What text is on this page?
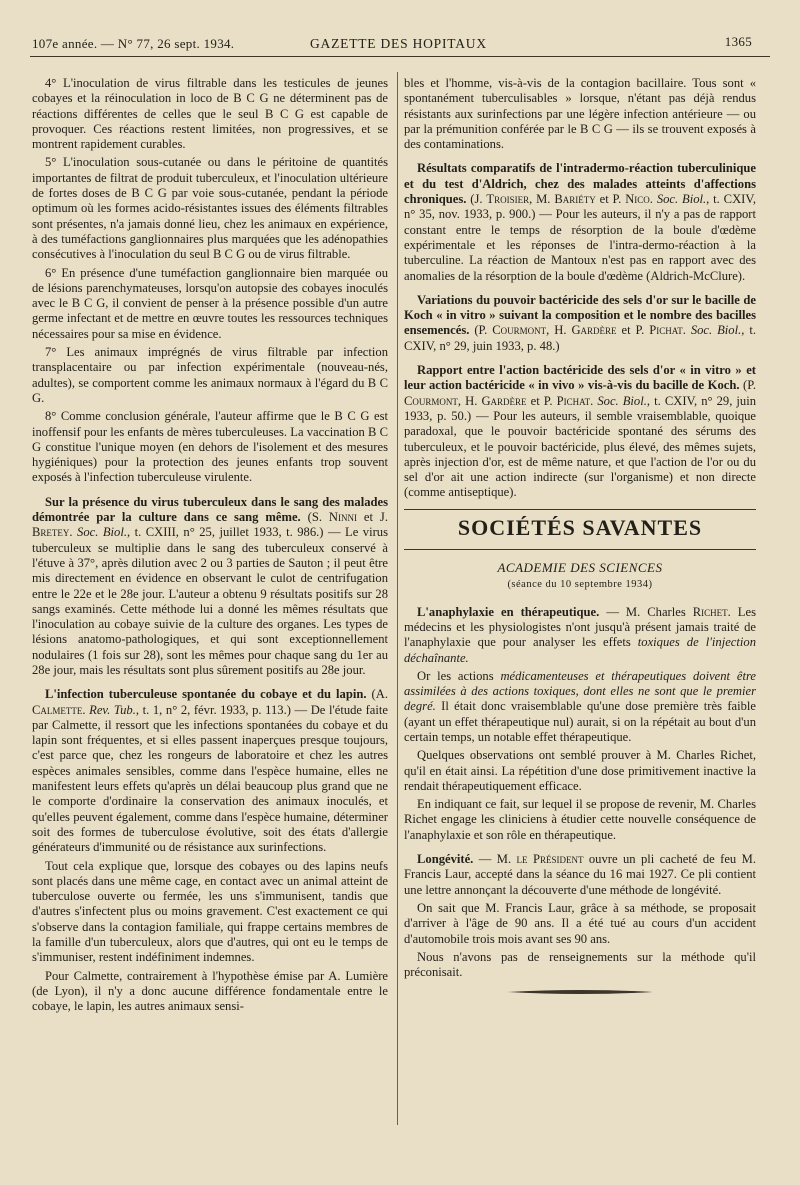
107e année. — N° 77, 26 sept. 1934.	GAZETTE DES HOPITAUX	1365

4° L'inoculation de virus filtrable dans les testicules de jeunes cobayes et la réinoculation in loco de B C G ne déterminent pas de réactions différentes de celles que le seul B C G est capable de provoquer. Ces réactions restent limitées, non progressives, et se montrent rapidement curables.

5° L'inoculation sous-cutanée ou dans le péritoine de quantités importantes de filtrat de produit tuberculeux, et l'inoculation ultérieure de fortes doses de B C G par voie sous-cutanée, pendant la période optimum où les formes acido-résistantes issues des éléments filtrables sont présentes, n'a jamais donné lieu, chez les animaux en expérience, à des tuméfactions ganglionnaires plus marquées que les adénopathies consécutives à l'inoculation du seul B C G ou de virus filtrable.

6° En présence d'une tuméfaction ganglionnaire bien marquée ou de lésions parenchymateuses, lorsqu'on autopsie des cobayes inoculés avec le B C G, il convient de penser à la présence possible d'un autre germe infectant et de mettre en œuvre toutes les ressources techniques nécessaires pour sa mise en évidence.

7° Les animaux imprégnés de virus filtrable par infection transplacentaire ou par infection expérimentale (nouveau-nés, adultes), se comportent comme les animaux normaux à l'égard du B C G.

8° Comme conclusion générale, l'auteur affirme que le B C G est inoffensif pour les enfants de mères tuberculeuses. La vaccination B C G constitue l'unique moyen (en dehors de l'isolement et des mesures hygiéniques) pour la protection des jeunes enfants trop souvent exposés à l'infection tuberculeuse virulente.

Sur la présence du virus tuberculeux dans le sang des malades démontrée par la culture dans ce sang même. (S. Ninni et J. Bretey. Soc. Biol., t. CXIII, n° 25, juillet 1933, t. 986.) — Le virus tuberculeux se multiplie dans le sang des tuberculeux conservé à l'étuve à 37°, après dilution avec 2 ou 3 parties de Sauton ; il peut être mis directement en évidence en observant le culot de centrifugation entre le 22e et le 28e jour. L'auteur a obtenu 9 résultats positifs sur 28 sangs examinés. Cette méthode lui a donné les mêmes résultats que l'inoculation au cobaye suivie de la culture des organes. Les types de lésions anatomo-pathologiques, et qui sont exceptionnellement nodulaires (1 fois sur 28), sont les mêmes pour chaque sang du 1er au 28e jour, mais les résultats sont plus sûrement positifs au 28e jour.

L'infection tuberculeuse spontanée du cobaye et du lapin. (A. Calmette. Rev. Tub., t. 1, n° 2, févr. 1933, p. 113.) — De l'étude faite par Calmette, il ressort que les infections spontanées du cobaye et du lapin sont fréquentes, et si elles passent inaperçues presque toujours, c'est parce que, chez les rongeurs de laboratoire et chez les autres espèces animales sensibles, comme dans l'espèce humaine, elles ne manifestent leurs effets qu'après un délai beaucoup plus grand que ne le comporte d'ordinaire la conservation des animaux inoculés, et qu'elles peuvent également, comme dans l'espèce humaine, déterminer soit des formes de tuberculose évolutive, soit des états d'allergie générateurs d'immunité ou de résistance aux surinfections.

Tout cela explique que, lorsque des cobayes ou des lapins neufs sont placés dans une même cage, en contact avec un animal atteint de tuberculose ouverte ou fermée, les uns s'immunisent, tandis que d'autres s'infectent plus ou moins gravement. C'est exactement ce qui s'observe dans la contagion familiale, qui frappe certains membres de la famille d'un tuberculeux, alors que d'autres, qui ont eu le temps de s'immuniser, restent indéfiniment indemnes.

Pour Calmette, contrairement à l'hypothèse émise par A. Lumière (de Lyon), il n'y a donc aucune différence fondamentale entre le cobaye, le lapin, les autres animaux sensi-

bles et l'homme, vis-à-vis de la contagion bacillaire. Tous sont « spontanément tuberculisables » lorsque, n'étant pas déjà rendus résistants aux surinfections par une légère infection antérieure — ou par la prémunition conférée par le B C G — ils se trouvent exposés à des contaminations.

Résultats comparatifs de l'intradermo-réaction tuberculinique et du test d'Aldrich, chez des malades atteints d'affections chroniques. (J. Troisier, M. Bariéty et P. Nico. Soc. Biol., t. CXIV, n° 35, nov. 1933, p. 900.) — Pour les auteurs, il n'y a pas de rapport constant entre le temps de résorption de la boule d'œdème expérimentale et les réponses de l'intra-dermo-réaction à la tuberculine. La réaction de Mantoux n'est pas en rapport avec des anomalies de la résorption de la boule d'œdème (Aldrich-McClure).

Variations du pouvoir bactéricide des sels d'or sur le bacille de Koch « in vitro » suivant la composition et le nombre des bacilles ensemencés. (P. Courmont, H. Gardère et P. Pichat. Soc. Biol., t. CXIV, n° 29, juin 1933, p. 48.)

Rapport entre l'action bactéricide des sels d'or « in vitro » et leur action bactéricide « in vivo » vis-à-vis du bacille de Koch. (P. Courmont, H. Gardère et P. Pichat. Soc. Biol., t. CXIV, n° 29, juin 1933, p. 50.) — Pour les auteurs, il semble vraisemblable, quoique paradoxal, que le pouvoir bactéricide spontané des sérums des tuberculeux, et le pouvoir bactéricide, plus élevé, des mêmes sujets, après injection d'or, est de même nature, et que l'action de l'or ou du sel d'or ait une action indirecte (sur l'organisme) et non directe (comme antiseptique).

SOCIÉTÉS SAVANTES
ACADEMIE DES SCIENCES
(séance du 10 septembre 1934)

L'anaphylaxie en thérapeutique. — M. Charles Richet. Les médecins et les physiologistes n'ont jusqu'à présent jamais traité de l'anaphylaxie que pour analyser les effets toxiques de l'injection déchaînante.

Or les actions médicamenteuses et thérapeutiques doivent être assimilées à des actions toxiques, dont elles ne sont que le premier degré. Il était donc vraisemblable qu'une dose première très faible (ayant un effet thérapeutique nul) aurait, si on la répétait au bout d'un certain temps, un notable effet thérapeutique.

Quelques observations ont semblé prouver à M. Charles Richet, qu'il en était ainsi. La répétition d'une dose primitivement inactive la rendait thérapeutiquement efficace.

En indiquant ce fait, sur lequel il se propose de revenir, M. Charles Richet engage les cliniciens à étudier cette nouvelle conséquence de l'anaphylaxie et son rôle en thérapeutique.

Longévité. — M. le Président ouvre un pli cacheté de feu M. Francis Laur, accepté dans la séance du 16 mai 1927. Ce pli contient une lettre annonçant la découverte d'une méthode de longévité.

On sait que M. Francis Laur, grâce à sa méthode, se proposait d'arriver à l'âge de 90 ans. Il a été tué au cours d'un accident d'automobile trois mois avant ses 90 ans.

Nous n'avons pas de renseignements sur la méthode qu'il préconisait.
